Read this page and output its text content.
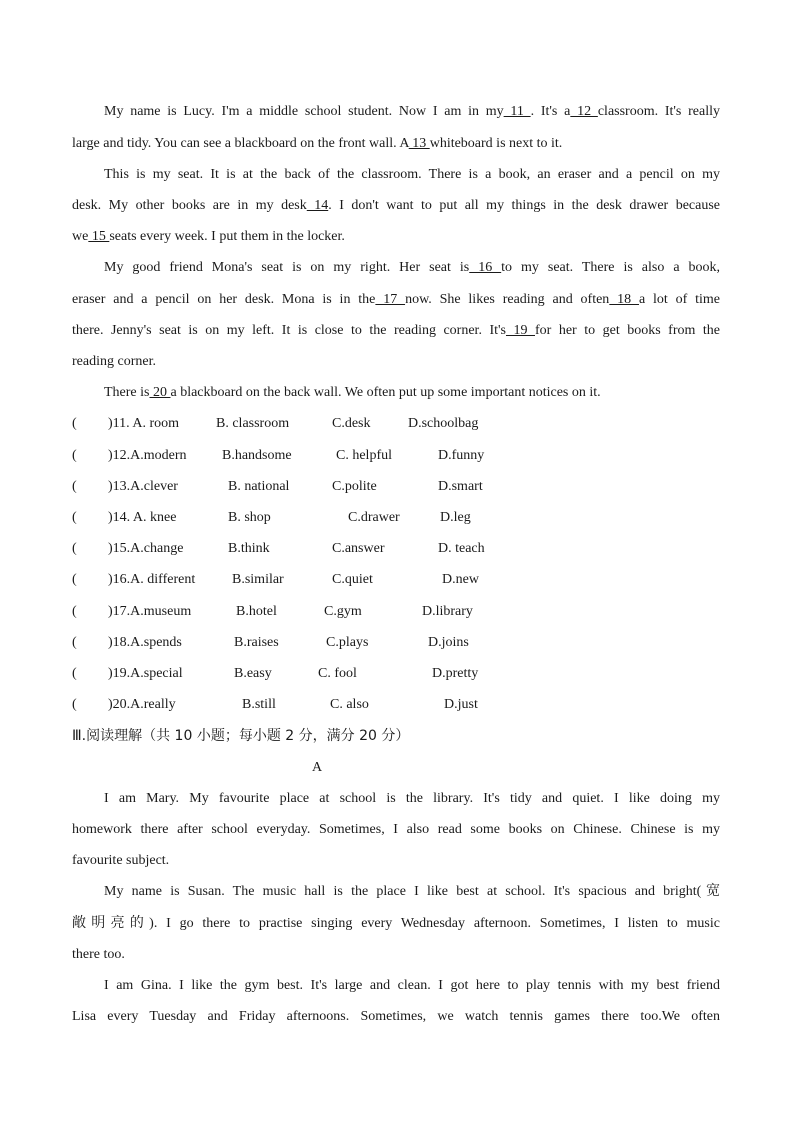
My name is Lucy. I'm a middle school student. Now I am in my 11 . It's a 12 classroom. It's really
large and tidy. You can see a blackboard on the front wall. A 13 whiteboard is next to it.
This is my seat. It is at the back of the classroom. There is a book, an eraser and a pencil on my
desk. My other books are in my desk 14. I don't want to put all my things in the desk drawer because
we 15 seats every week. I put them in the locker.
My good friend Mona's seat is on my right. Her seat is 16 to my seat. There is also a book,
eraser and a pencil on her desk. Mona is in the 17 now. She likes reading and often 18 a lot of time
there. Jenny's seat is on my left. It is close to the reading corner. It's 19 for her to get books from the
reading corner.
There is 20 a blackboard on the back wall. We often put up some important notices on it.
( )11. A. room	B. classroom	C.desk	D.schoolbag
( )12.A.modern	B.handsome	C. helpful	D.funny
( )13.A.clever	B. national	C.polite	D.smart
( )14. A. knee	B. shop	C.drawer	D.leg
( )15.A.change	B.think	C.answer	D. teach
( )16.A. different	B.similar	C.quiet	D.new
( )17.A.museum	B.hotel	C.gym	D.library
( )18.A.spends	B.raises	C.plays	D.joins
( )19.A.special	B.easy	C. fool	D.pretty
( )20.A.really	B.still	C. also	D.just
Ⅲ.阅读理解（共 10 小题；每小题 2 分，满分 20 分）
A
I am Mary. My favourite place at school is the library. It's tidy and quiet. I like doing my
homework there after school everyday. Sometimes, I also read some books on Chinese. Chinese is my
favourite subject.
My name is Susan. The music hall is the place I like best at school. It's spacious and bright(宽
敞明亮的). I go there to practise singing every Wednesday afternoon. Sometimes, I listen to music
there too.
I am Gina. I like the gym best. It's large and clean. I got here to play tennis with my best friend
Lisa every Tuesday and Friday afternoons. Sometimes, we watch tennis games there too.We often
